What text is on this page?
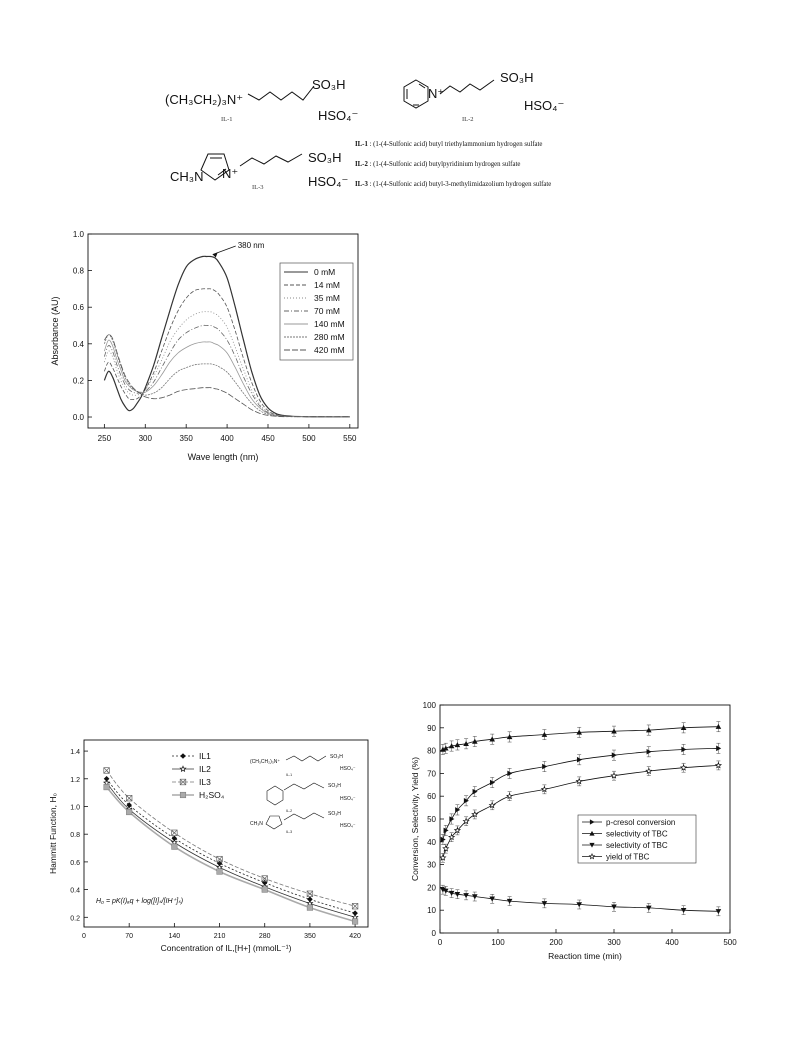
(CH₃CH₂)₃N⁺
SO₃H
HSO₄⁻
IL-1
N⁺
SO₃H
HSO₄⁻
IL-2
CH₃N N⁺
SO₃H
HSO₄⁻
IL-3
IL-1 : (1-(4-Sulfonic acid) butyl triethylammonium hydrogen sulfate
IL-2 : (1-(4-Sulfonic acid) butylpyridinium hydrogen sulfate
IL-3 : (1-(4-Sulfonic acid) butyl-3-methylimidazolium hydrogen sulfate
250	300	350	400	450	500	550
0.0
0.2
0.4
0.6
0.8
1.0
Wave length (nm)
Absorbance (AU)
380 nm
0 mM
14 mM
35 mM
70 mM
140 mM
280 mM
420 mM
0	70	140	210	280	350	420
0.2
0.4
0.6
0.8
1.0
1.2
1.4
Concentration of IL,[H+] (mmolL⁻¹)
Hammitt Function, H₀
IL1
IL2
IL3
H₂SO₄
(CH₃CH₂)₃N⁺
SO₃H
HSO₄⁻
IL-1
SO₃H
HSO₄⁻
IL-2
CH₃N
SO₃H
HSO₄⁻
IL-3
H₀ = pK(I)ₐq + log([I]ₛ/[IH⁺]ₛ)
0	100	200	300	400	500
0
10
20
30
40
50
60
70
80
90
100
Reaction time (min)
Conversion, Selectivity, Yield (%)	p-cresol conversion
selectivity of TBC
selectivity of TBC
yield of TBC
